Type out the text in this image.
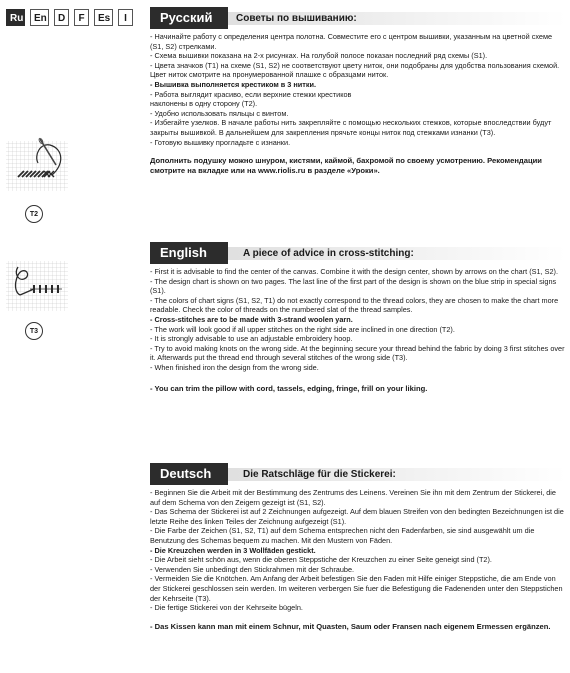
Ru	En	D	F	Es	I
T2
T3
Русский	Советы по вышиванию:

- Начинайте работу с определения центра полотна. Совместите его с центром вышивки, указанным на цветной схеме (S1, S2) стрелками.

- Схема вышивки показана на 2-х рисунках. На голубой полосе показан последний ряд схемы (S1).

- Цвета значков (T1) на схеме (S1, S2) не соответствуют цвету ниток, они подобраны для удобства пользования схемой. Цвет ниток смотрите на пронумерованной плашке с образцами ниток.

- Вышивка выполняется крестиком в 3 нитки.

- Работа выглядит красиво, если верхние стежки крестиков

наклонены в одну сторону (T2).

- Удобно использовать пяльцы с винтом.

- Избегайте узелков. В начале работы нить закрепляйте с помощью нескольких стежков, которые впоследствии будут закрыты вышивкой. В дальнейшем для закрепления прячьте концы ниток под стежками изнанки (T3).

- Готовую вышивку прогладьте с изнанки.

Дополнить подушку можно шнуром, кистями, каймой, бахромой по своему усмотрению. Рекомендации смотрите на вкладке или на www.riolis.ru в разделе «Уроки».
English	A piece of advice in cross-stitching:

- First it is advisable to find the center of the canvas. Combine it with the design center, shown by arrows on the chart (S1, S2).

- The design chart is shown on two pages. The last line of the first part of the design is shown on the blue strip in special signs (S1).

- The colors of chart signs (S1, S2, T1) do not exactly correspond to the thread colors, they are chosen to make the chart more readable. Check the color of threads on the numbered slat of the thread samples.

- Cross-stitches are to be made with 3-strand woolen yarn.

- The work will look good if all upper stitches on the right side are inclined in one direction (T2).

- It is strongly advisable to use an adjustable embroidery hoop.

- Try to avoid making knots on the wrong side. At the beginning secure your thread behind the fabric by doing 3 first stitches over it. Afterwards put the thread end through several stitches of the wrong side (T3).

- When finished iron the design from the wrong side.

- You can trim the pillow with cord, tassels, edging, fringe, frill on your liking.
Deutsch	Die Ratschläge für die Stickerei:

- Beginnen Sie die Arbeit mit der Bestimmung des Zentrums des Leinens. Vereinen Sie ihn mit dem Zentrum der Stickerei, die auf dem Schema von den Zeigern gezeigt ist (S1, S2).

- Das Schema der Stickerei ist auf 2 Zeichnungen aufgezeigt. Auf dem blauen Streifen von den bedingten Bezeichnungen ist die letzte Reihe des linken Teiles der Zeichnung aufgezeigt (S1).

- Die Farbe der Zeichen (S1, S2, T1) auf dem Schema entsprechen nicht den Fadenfarben, sie sind ausgewählt um die Benutzung des Schemas bequem zu machen. Mit den Mustern von Fäden.

- Die Kreuzchen werden in 3 Wollfäden gestickt.

- Die Arbeit sieht schön aus, wenn die oberen Steppstiche der Kreuzchen zu einer Seite geneigt sind (T2).

- Verwenden Sie unbedingt den Stickrahmen mit der Schraube.

- Vermeiden Sie die Knötchen. Am Anfang der Arbeit befestigen Sie den Faden mit Hilfe einiger Steppstiche, die am Ende von der Stickerei geschlossen sein werden. Im weiteren verbergen Sie fuer die Befestigung die Fadenenden unter den Steppstichen der Kehrseite (T3).

- Die fertige Stickerei von der Kehrseite bügeln.

- Das Kissen kann man mit einem Schnur, mit Quasten, Saum oder Fransen nach eigenem Ermessen ergänzen.
